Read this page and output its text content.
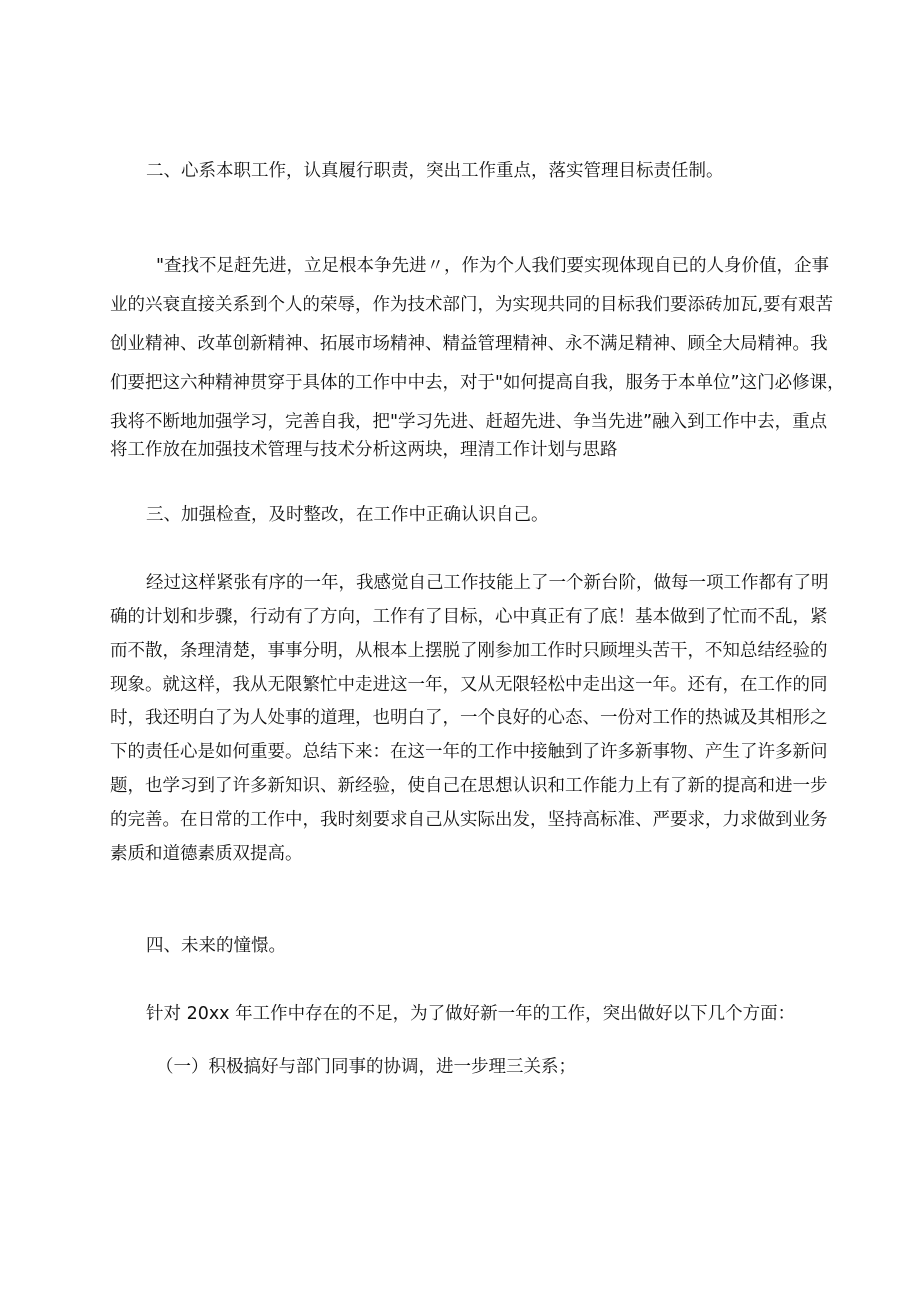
二、心系本职工作，认真履行职责，突出工作重点，落实管理目标责任制。

"查找不足赶先进，立足根本争先进〃，作为个人我们要实现体现自已的人身价值，企事

业的兴衰直接关系到个人的荣辱，作为技术部门，为实现共同的目标我们要添砖加瓦,要有艰苦

创业精神、改革创新精神、拓展市场精神、精益管理精神、永不满足精神、顾全大局精神。我

们要把这六种精神贯穿于具体的工作中中去，对于"如何提高自我，服务于本单位”这门必修课，

我将不断地加强学习，完善自我，把"学习先进、赶超先进、争当先进”融入到工作中去，重点

将工作放在加强技术管理与技术分析这两块，理清工作计划与思路

三、加强检查，及时整改，在工作中正确认识自己。

经过这样紧张有序的一年，我感觉自己工作技能上了一个新台阶，做每一项工作都有了明

确的计划和步骤，行动有了方向，工作有了目标，心中真正有了底！基本做到了忙而不乱，紧

而不散，条理清楚，事事分明，从根本上摆脱了刚参加工作时只顾埋头苦干，不知总结经验的

现象。就这样，我从无限繁忙中走进这一年，又从无限轻松中走出这一年。还有，在工作的同

时，我还明白了为人处事的道理，也明白了，一个良好的心态、一份对工作的热诚及其相形之

下的责任心是如何重要。总结下来：在这一年的工作中接触到了许多新事物、产生了许多新问

题，也学习到了许多新知识、新经验，使自己在思想认识和工作能力上有了新的提高和进一步

的完善。在日常的工作中，我时刻要求自己从实际出发，坚持高标准、严要求，力求做到业务

素质和道德素质双提高。

四、未来的憧憬。

针对 20xx 年工作中存在的不足，为了做好新一年的工作，突出做好以下几个方面：

（一）积极搞好与部门同事的协调，进一步理三关系；
